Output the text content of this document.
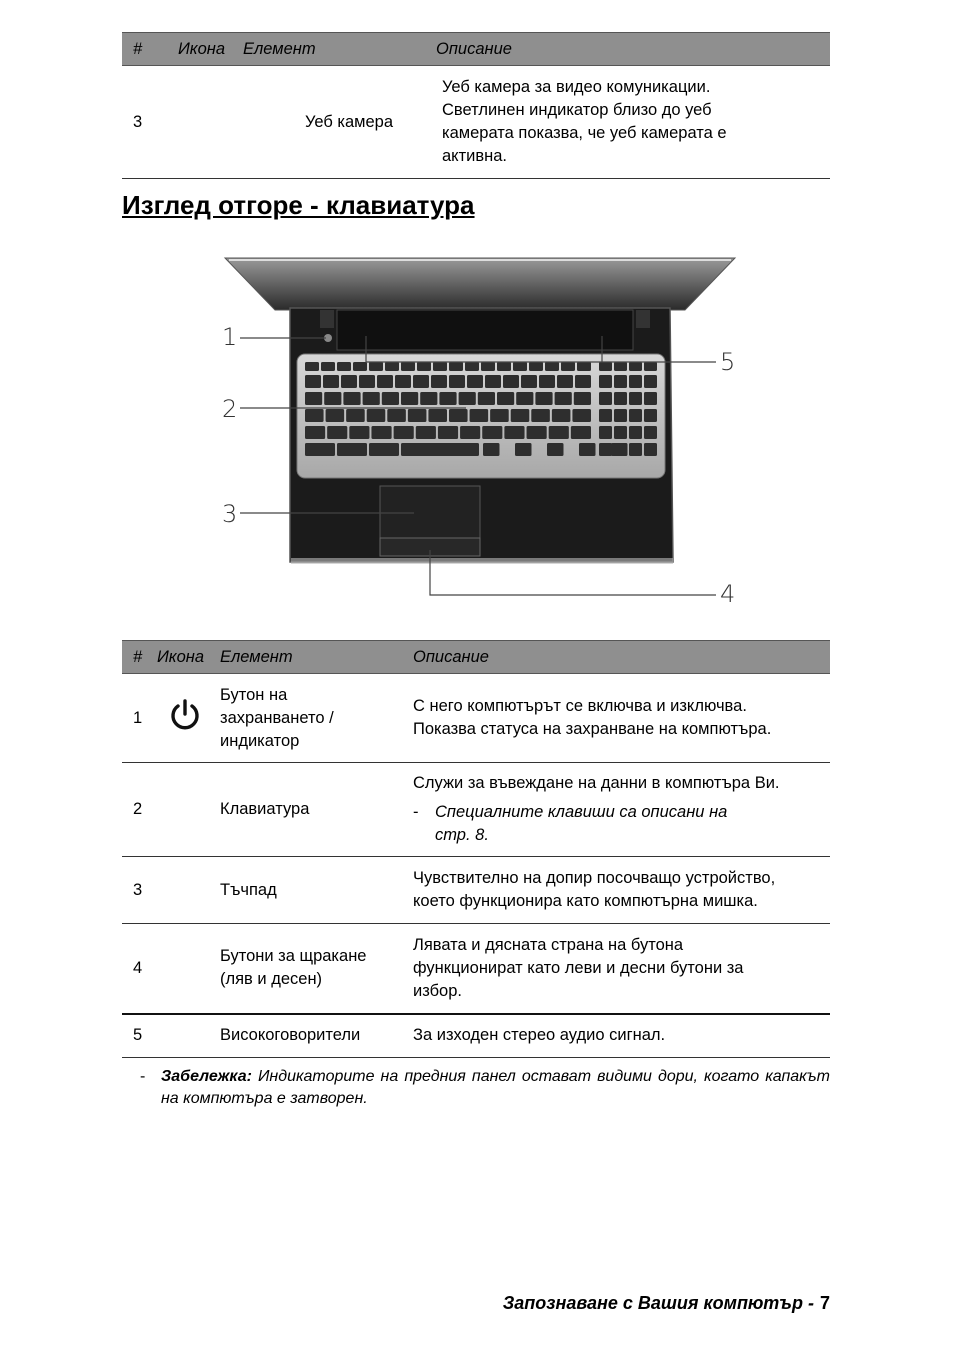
#	Икона	Елемент	Описание
3		Уеб камера	Уеб камера за видео комуникации.
Светлинен индикатор близо до уеб
камерата показва, че уеб камерата е
активна.
Изглед отгоре - клавиатура
1
2
3
4
5
#	Икона	Елемент	Описание
1		Бутон на
захранването /
индикатор	С него компютърът се включва и изключва.
Показва статуса на захранване на компютъра.

2		Клавиатура	Служи за въвеждане на данни в компютъра Ви.
- Специалните клавиши са описани на
стр. 8.

3		Тъчпад	Чувствително на допир посочващо устройство,
което функционира като компютърна мишка.

4		Бутони за щракане
(ляв и десен)	Лявата и дясната страна на бутона
функционират като леви и десни бутони за
избор.

5		Високоговорители	За изходен стерео аудио сигнал.
- Забележка: Индикаторите на предния панел остават видими дори, когато капакът на компютъра е затворен.
Запознаване с Вашия компютър - 7
